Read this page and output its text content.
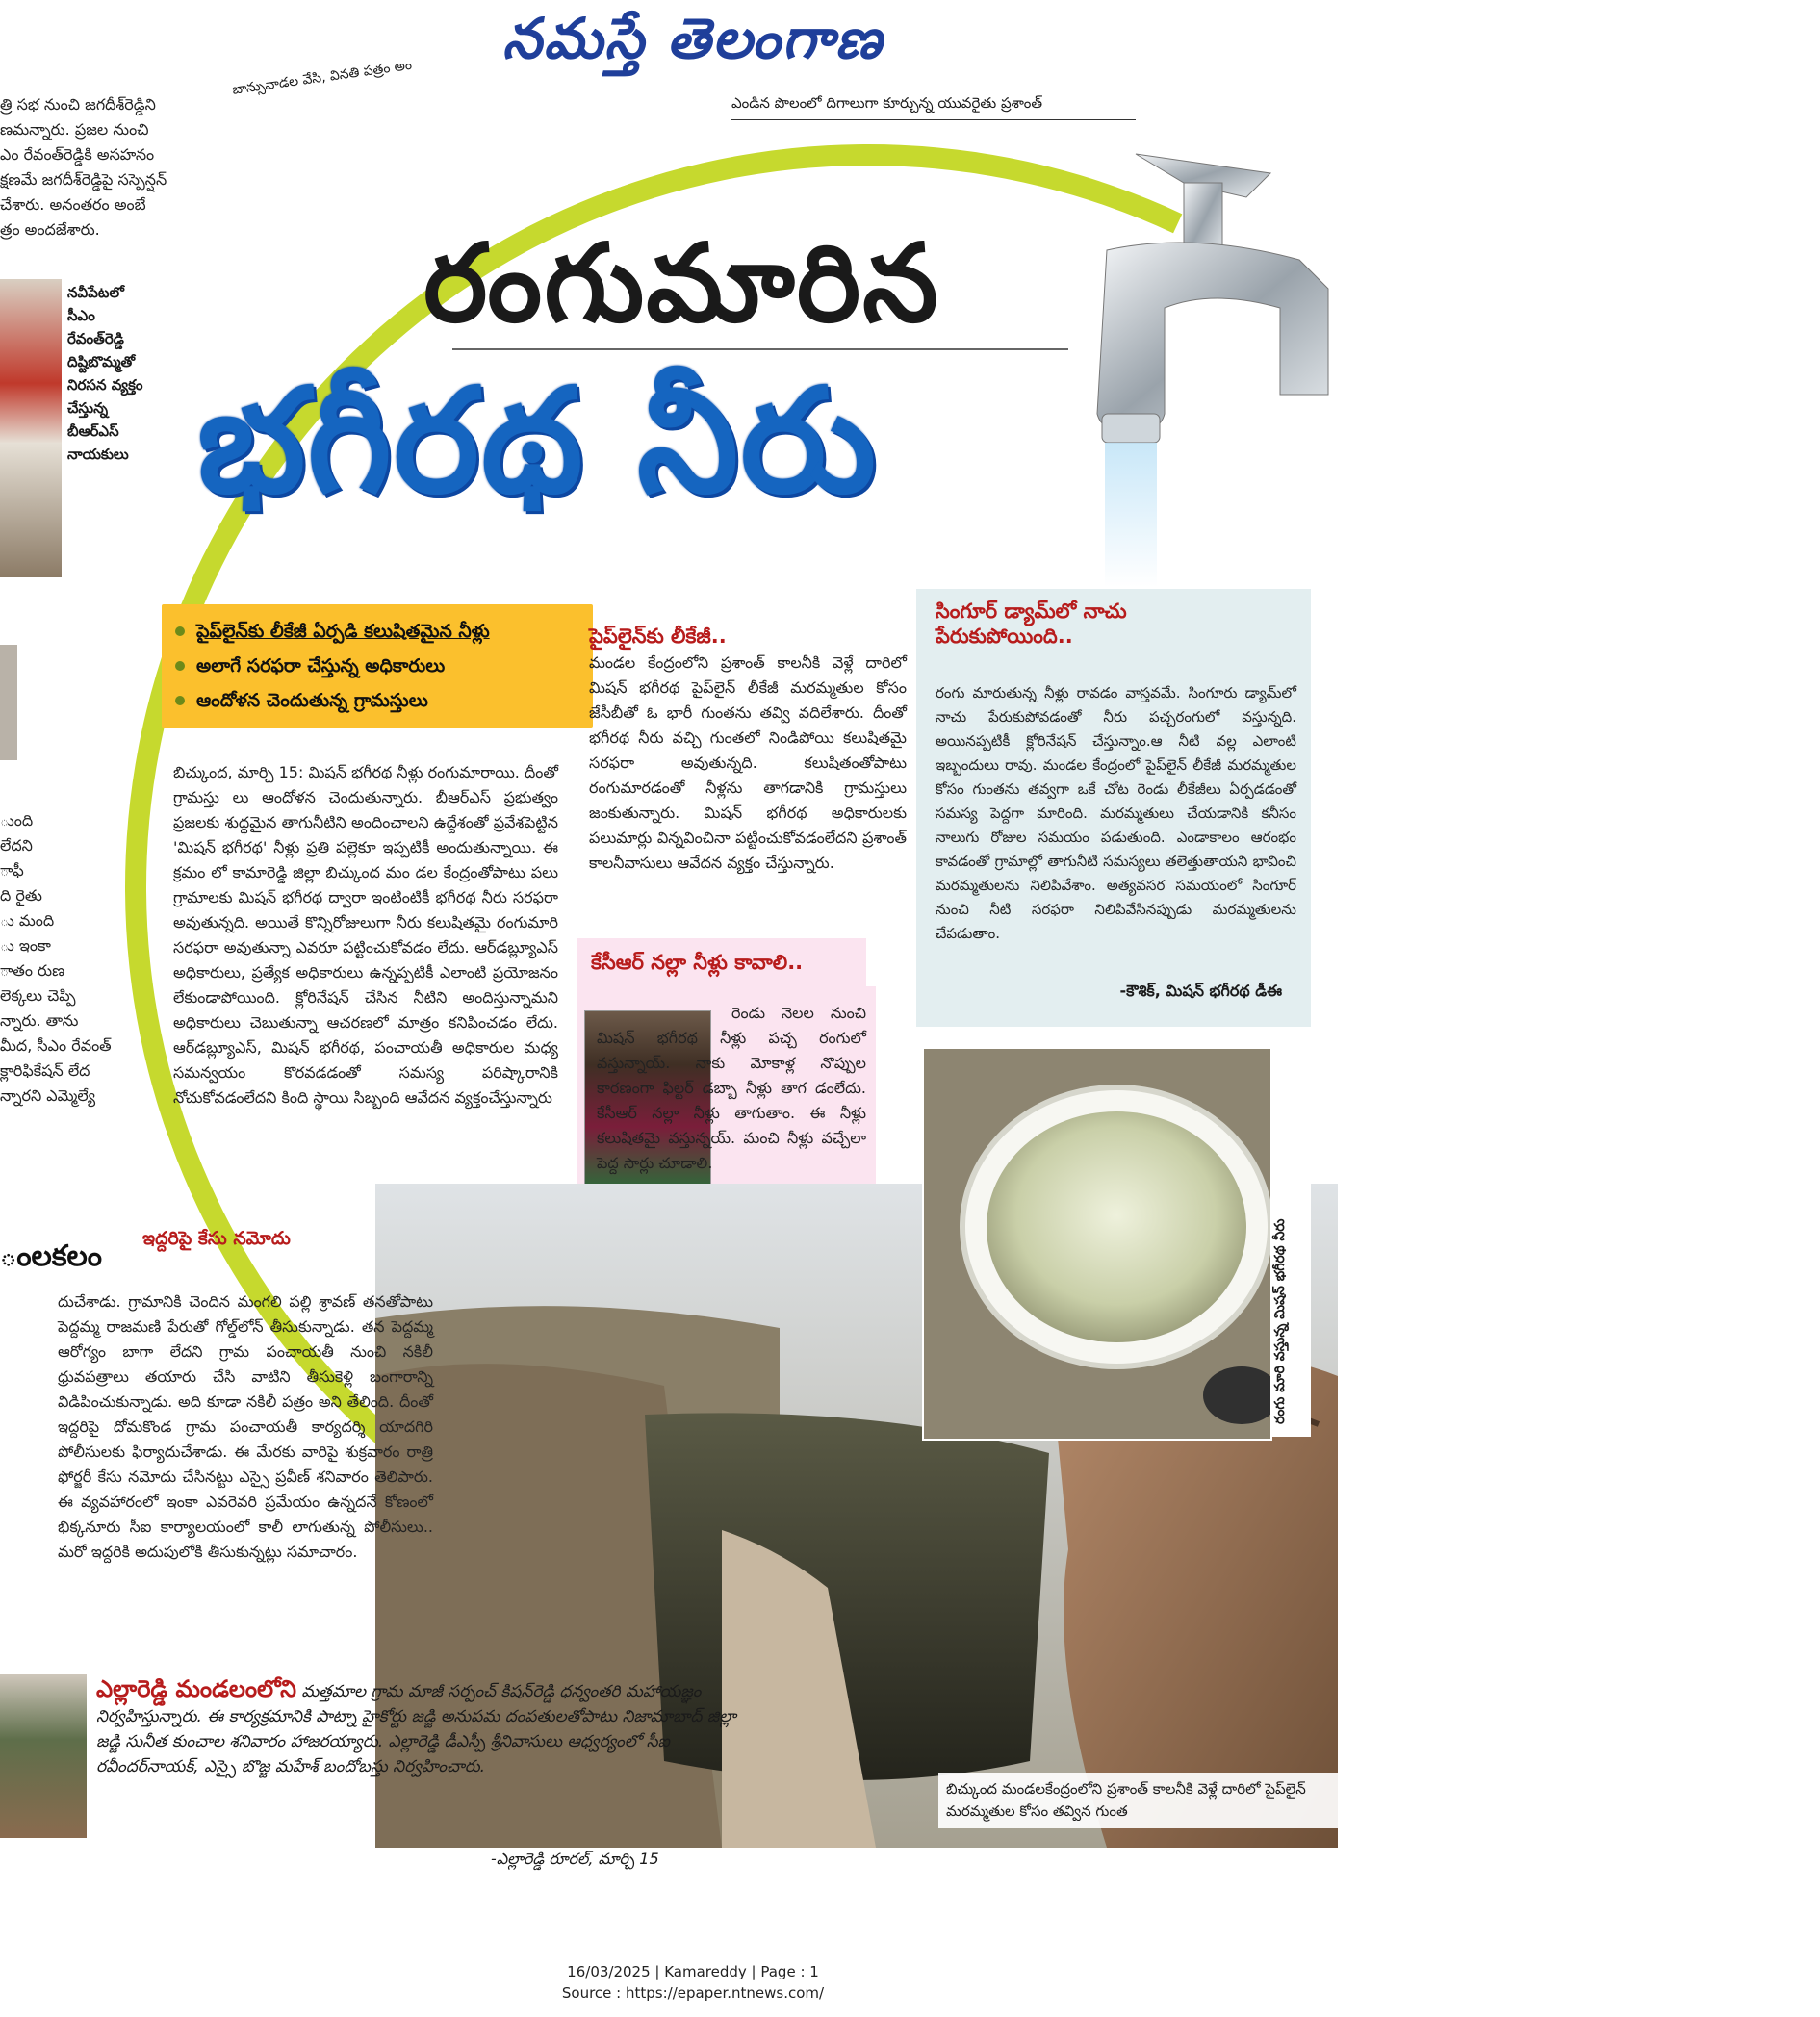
నమస్తే తెలంగాణ
బాన్సువాడల వేసి, వినతి పత్రం అం
ఎండిన పొలంలో దిగాలుగా కూర్చున్న యువరైతు ప్రశాంత్

త్రి సభ నుంచి జగదీశ్‌రెడ్డిని

ణమన్నారు. ప్రజల నుంచి

ఎం రేవంత్‌రెడ్డికి అసహనం

క్షణమే జగదీశ్‌రెడ్డిపై సస్పెన్షన్

చేశారు. అనంతరం అంబే

త్రం అందజేశారు.

నవీపేటలో
సీఎం
రేవంత్‌రెడ్డి
దిష్టిబొమ్మతో
నిరసన వ్యక్తం
చేస్తున్న
బీఆర్‌ఎస్
నాయకులు

ుంది

లేదని

ాఫీ

ది రైతు

ు మంది

ు ఇంకా

ాతం రుణ

లెక్కలు చెప్పి

న్నారు. తాను

మీద, సీఎం రేవంత్

క్లారిఫికేషన్ లేద

న్నారని ఎమ్మెల్యే

రంగుమారిన
భగీరథ నీరు
పైప్‌లైన్‌కు లీకేజీ ఏర్పడి కలుషితమైన నీళ్లు
అలాగే సరఫరా చేస్తున్న అధికారులు
ఆందోళన చెందుతున్న గ్రామస్తులు
బిచ్కుంద, మార్చి 15: మిషన్ భగీరథ నీళ్లు రంగుమారాయి. దీంతో గ్రామస్తు లు ఆందోళన చెందుతున్నారు. బీఆర్‌ఎస్ ప్రభుత్వం ప్రజలకు శుద్ధమైన తాగునీటిని అందించాలని ఉద్దేశంతో ప్రవేశపెట్టిన 'మిషన్ భగీరథ' నీళ్లు ప్రతి పల్లెకూ ఇప్పటికీ అందుతున్నాయి. ఈ క్రమం లో కామారెడ్డి జిల్లా బిచ్కుంద మం డల కేంద్రంతోపాటు పలు గ్రామాలకు మిషన్ భగీరథ ద్వారా ఇంటింటికీ భగీరథ నీరు సరఫరా అవుతున్నది. అయితే కొన్నిరోజులుగా నీరు కలుషితమై రంగుమారి సరఫరా అవుతున్నా ఎవరూ పట్టించుకోవడం లేదు. ఆర్‌డబ్ల్యూఎస్ అధికారులు, ప్రత్యేక అధికారులు ఉన్నప్పటికీ ఎలాంటి ప్రయోజనం లేకుండాపోయింది. క్లోరినేషన్ చేసిన నీటిని అందిస్తున్నామని అధికారులు చెబుతున్నా ఆచరణలో మాత్రం కనిపించడం లేదు. ఆర్‌డబ్ల్యూఎస్, మిషన్ భగీరథ, పంచాయతీ అధికారుల మధ్య సమన్వయం కొరవడడంతో సమస్య పరిష్కారానికి నోచుకోవడంలేదని కింది స్థాయి సిబ్బంది ఆవేదన వ్యక్తంచేస్తున్నారు
పైప్‌లైన్‌కు లీకేజీ..
మండల కేంద్రంలోని ప్రశాంత్ కాలనీకి వెళ్లే దారిలో మిషన్ భగీరథ పైప్‌లైన్ లీకేజీ మరమ్మతుల కోసం జేసీబీతో ఓ భారీ గుంతను తవ్వి వదిలేశారు. దీంతో భగీరథ నీరు వచ్చి గుంతలో నిండిపోయి కలుషితమై సరఫరా అవుతున్నది. కలుషితంతోపాటు రంగుమారడంతో నీళ్లను తాగడానికి గ్రామస్తులు జంకుతున్నారు. మిషన్ భగీరథ అధికారులకు పలుమార్లు విన్నవించినా పట్టించుకోవడంలేదని ప్రశాంత్ కాలనీవాసులు ఆవేదన వ్యక్తం చేస్తున్నారు.
సింగూర్ డ్యామ్‌లో నాచు పేరుకుపోయింది..
రంగు మారుతున్న నీళ్లు రావడం వాస్తవమే. సింగూరు డ్యామ్‌లో నాచు పేరుకుపోవడంతో నీరు పచ్చరంగులో వస్తున్నది. అయినప్పటికీ క్లోరినేషన్ చేస్తున్నాం.ఆ నీటి వల్ల ఎలాంటి ఇబ్బందులు రావు. మండల కేంద్రంలో పైప్‌లైన్ లీకేజీ మరమ్మతుల కోసం గుంతను తవ్వగా ఒకే చోట రెండు లీకేజీలు ఏర్పడడంతో సమస్య పెద్దగా మారింది. మరమ్మతులు చేయడానికి కనీసం నాలుగు రోజుల సమయం పడుతుంది. ఎండాకాలం ఆరంభం కావడంతో గ్రామాల్లో తాగునీటి సమస్యలు తలెత్తుతాయని భావించి మరమ్మతులను నిలిపివేశాం. అత్యవసర సమయంలో సింగూర్ నుంచి నీటి సరఫరా నిలిపివేసినప్పుడు మరమ్మతులను చేపడుతాం.
-కౌశిక్, మిషన్ భగీరథ డీఈ
కేసీఆర్ నల్లా నీళ్లు కావాలి..
రెండు నెలల నుంచి మిషన్ భగీరథ నీళ్లు పచ్చ రంగులో వస్తున్నాయ్. నాకు మోకాళ్ల నొప్పుల కారణంగా ఫిల్టర్ డబ్బా నీళ్లు తాగ డంలేదు. కేసీఆర్ నల్లా నీళ్లు తాగుతాం. ఈ నీళ్లు కలుషితమై వస్తున్నయ్. మంచి నీళ్లు వచ్చేలా పెద్ద సార్లు చూడాలి.
రంగు మారి వస్తున్న మిషన్ భగీరథ నీరు
బిచ్కుంద మండలకేంద్రంలోని ప్రశాంత్ కాలనీకి వెళ్లే దారిలో పైప్‌లైన్ మరమ్మతుల కోసం తవ్విన గుంత
ంలకలం
ఇద్దరిపై కేసు నమోదు
దుచేశాడు. గ్రామానికి చెందిన మంగలి పల్లి శ్రావణ్ తనతోపాటు పెద్దమ్మ రాజమణి పేరుతో గోల్డ్‌లోన్ తీసుకున్నాడు. తన పెద్దమ్మ ఆరోగ్యం బాగా లేదని గ్రామ పంచాయతీ నుంచి నకిలీ ధ్రువపత్రాలు తయారు చేసి వాటిని తీసుకెళ్లి బంగారాన్ని విడిపించుకున్నాడు. అది కూడా నకిలీ పత్రం అని తేలింది. దీంతో ఇద్దరిపై దోమకొండ గ్రామ పంచాయతీ కార్యదర్శి యాదగిరి పోలీసులకు ఫిర్యాదుచేశాడు. ఈ మేరకు వారిపై శుక్రవారం రాత్రి ఫోర్జరీ కేసు నమోదు చేసినట్టు ఎస్సై ప్రవీణ్ శనివారం తెలిపారు. ఈ వ్యవహారంలో ఇంకా ఎవరెవరి ప్రమేయం ఉన్నదనే కోణంలో భిక్కనూరు సీఐ కార్యాలయంలో కాలీ లాగుతున్న పోలీసులు.. మరో ఇద్దరికి అదుపులోకి తీసుకున్నట్లు సమాచారం.
ఎల్లారెడ్డి మండలంలోని మత్తమాల గ్రామ మాజీ సర్పంచ్ కిషన్‌రెడ్డి ధన్వంతరి మహాయజ్ఞం నిర్వహిస్తున్నారు. ఈ కార్యక్రమానికి పాట్నా హైకోర్టు జడ్జి అనుపమ దంపతులతోపాటు నిజామాబాద్ జిల్లా జడ్జి సునీత కుంచాల శనివారం హాజరయ్యారు. ఎల్లారెడ్డి డీఎస్పీ శ్రీనివాసులు ఆధ్వర్యంలో సీఐ రవీందర్‌నాయక్, ఎస్సై బొజ్జ మహేశ్ బందోబస్తు నిర్వహించారు.
-ఎల్లారెడ్డి రూరల్, మార్చి 15
16/03/2025 | Kamareddy | Page : 1
Source : https://epaper.ntnews.com/
